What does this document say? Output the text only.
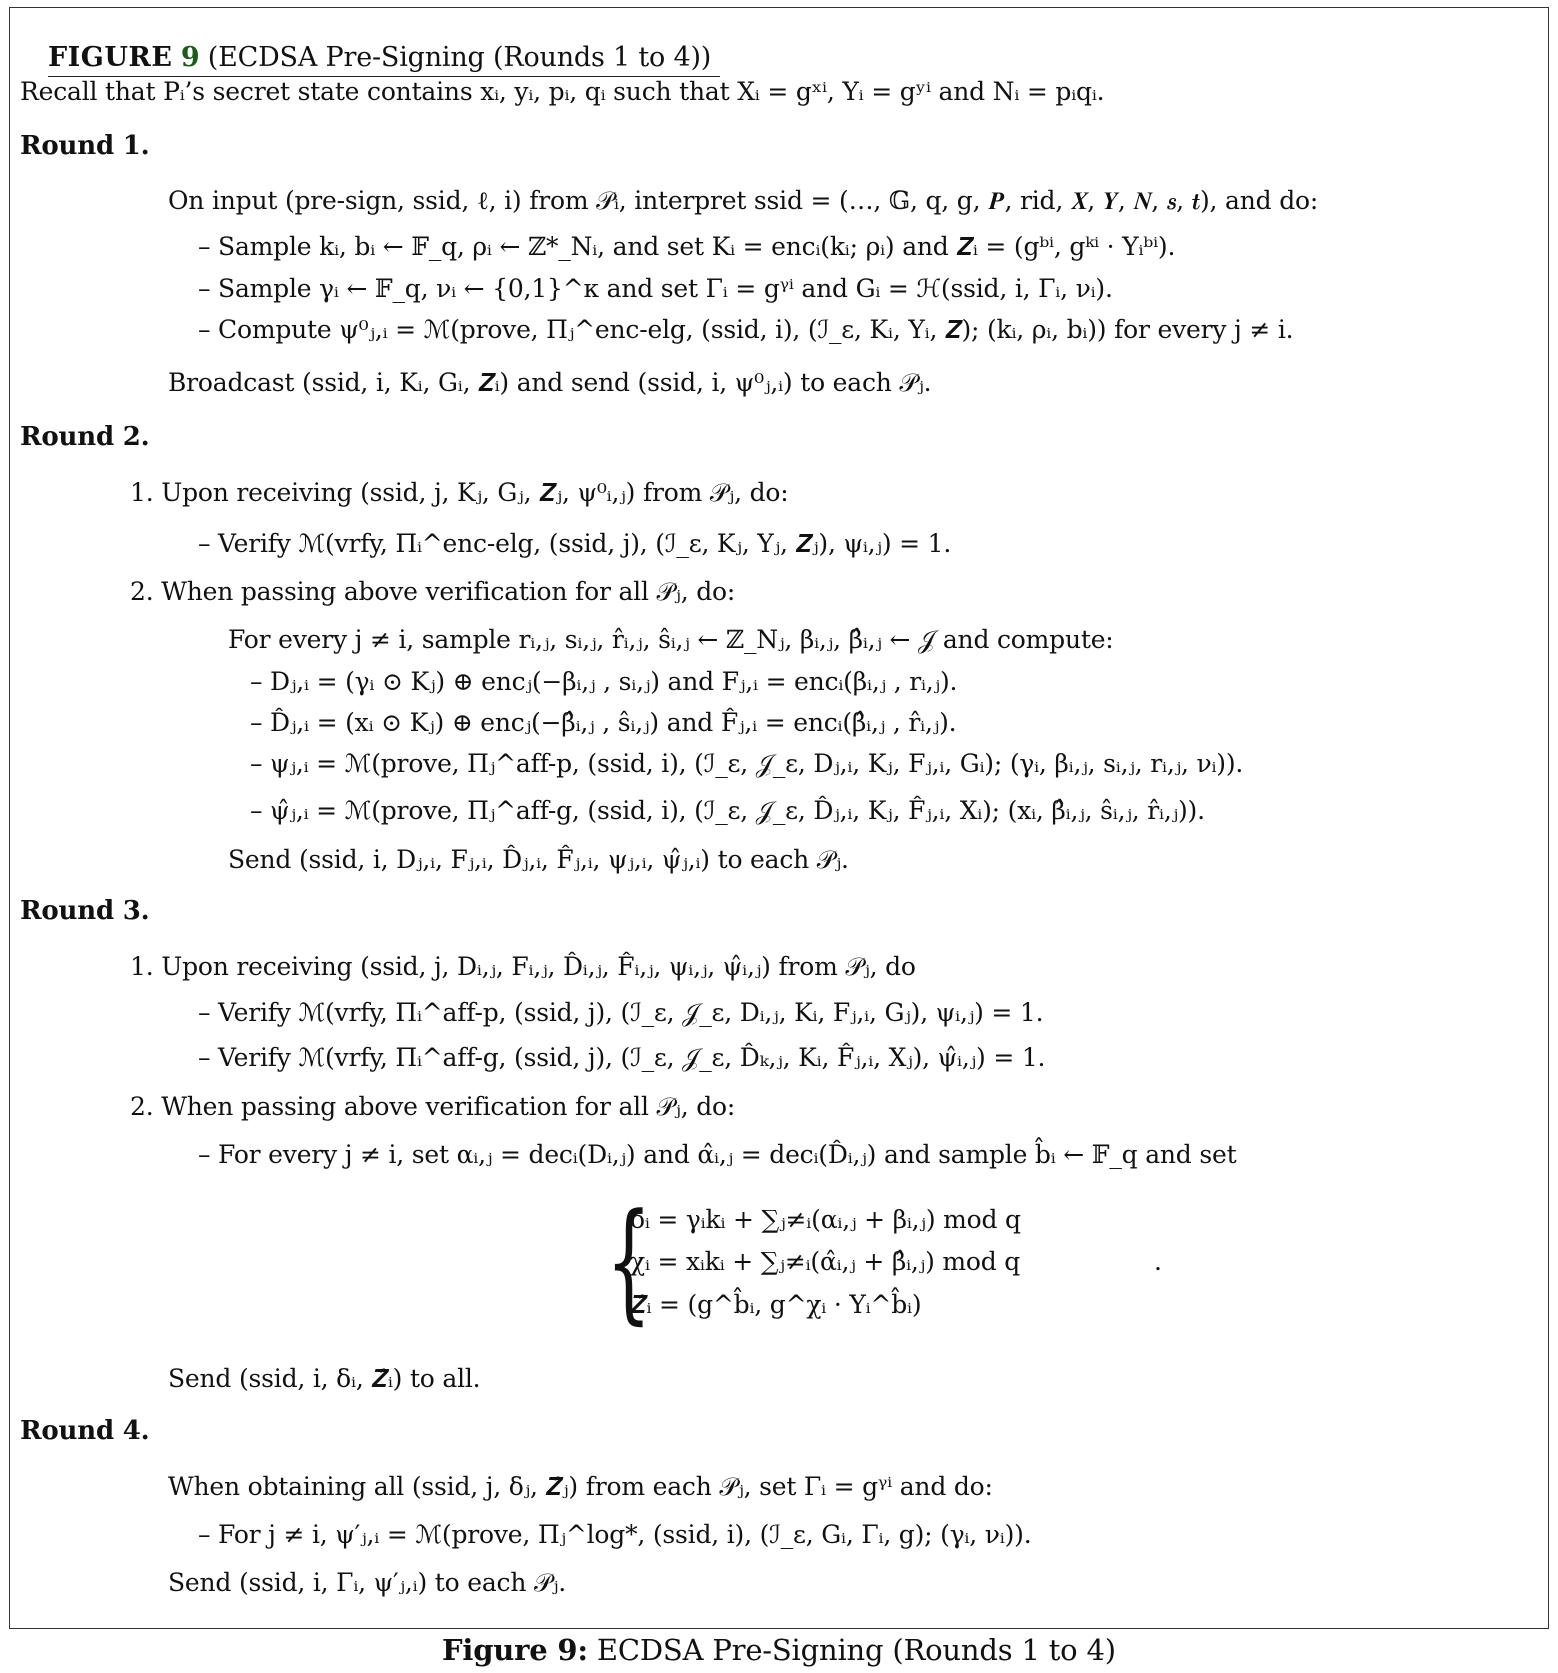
FIGURE 9 (ECDSA Pre-Signing (Rounds 1 to 4))
Recall that Pᵢ’s secret state contains xᵢ, yᵢ, pᵢ, qᵢ such that Xᵢ = gˣⁱ, Yᵢ = gʸⁱ and Nᵢ = pᵢqᵢ.
Round 1.
On input (pre-sign, ssid, ℓ, i) from 𝒫ᵢ, interpret ssid = (…, 𝔾, q, g, 𝑷, rid, 𝑿, 𝒀, 𝑵, 𝒔, 𝒕), and do:
– Sample kᵢ, bᵢ ← 𝔽_q, ρᵢ ← ℤ*_Nᵢ, and set Kᵢ = encᵢ(kᵢ; ρᵢ) and 𝒁ᵢ = (gᵇⁱ, gᵏⁱ · Yᵢᵇⁱ).
– Sample γᵢ ← 𝔽_q, νᵢ ← {0,1}^κ and set Γᵢ = gᵞⁱ and Gᵢ = ℋ(ssid, i, Γᵢ, νᵢ).
– Compute ψ⁰ⱼ,ᵢ = ℳ(prove, Πⱼ^enc-elg, (ssid, i), (ℐ_ε, Kᵢ, Yᵢ, 𝒁); (kᵢ, ρᵢ, bᵢ)) for every j ≠ i.
Broadcast (ssid, i, Kᵢ, Gᵢ, 𝒁ᵢ) and send (ssid, i, ψ⁰ⱼ,ᵢ) to each 𝒫ⱼ.
Round 2.
1. Upon receiving (ssid, j, Kⱼ, Gⱼ, 𝒁ⱼ, ψ⁰ᵢ,ⱼ) from 𝒫ⱼ, do:
– Verify ℳ(vrfy, Πᵢ^enc-elg, (ssid, j), (ℐ_ε, Kⱼ, Yⱼ, 𝒁ⱼ), ψᵢ,ⱼ) = 1.
2. When passing above verification for all 𝒫ⱼ, do:
For every j ≠ i, sample rᵢ,ⱼ, sᵢ,ⱼ, r̂ᵢ,ⱼ, ŝᵢ,ⱼ ← ℤ_Nⱼ, βᵢ,ⱼ, β̂ᵢ,ⱼ ← 𝒥 and compute:
– Dⱼ,ᵢ = (γᵢ ⊙ Kⱼ) ⊕ encⱼ(−βᵢ,ⱼ , sᵢ,ⱼ) and Fⱼ,ᵢ = encᵢ(βᵢ,ⱼ , rᵢ,ⱼ).
– D̂ⱼ,ᵢ = (xᵢ ⊙ Kⱼ) ⊕ encⱼ(−β̂ᵢ,ⱼ , ŝᵢ,ⱼ) and F̂ⱼ,ᵢ = encᵢ(β̂ᵢ,ⱼ , r̂ᵢ,ⱼ).
– ψⱼ,ᵢ = ℳ(prove, Πⱼ^aff-p, (ssid, i), (ℐ_ε, 𝒥_ε, Dⱼ,ᵢ, Kⱼ, Fⱼ,ᵢ, Gᵢ); (γᵢ, βᵢ,ⱼ, sᵢ,ⱼ, rᵢ,ⱼ, νᵢ)).
– ψ̂ⱼ,ᵢ = ℳ(prove, Πⱼ^aff-g, (ssid, i), (ℐ_ε, 𝒥_ε, D̂ⱼ,ᵢ, Kⱼ, F̂ⱼ,ᵢ, Xᵢ); (xᵢ, β̂ᵢ,ⱼ, ŝᵢ,ⱼ, r̂ᵢ,ⱼ)).
Send (ssid, i, Dⱼ,ᵢ, Fⱼ,ᵢ, D̂ⱼ,ᵢ, F̂ⱼ,ᵢ, ψⱼ,ᵢ, ψ̂ⱼ,ᵢ) to each 𝒫ⱼ.
Round 3.
1. Upon receiving (ssid, j, Dᵢ,ⱼ, Fᵢ,ⱼ, D̂ᵢ,ⱼ, F̂ᵢ,ⱼ, ψᵢ,ⱼ, ψ̂ᵢ,ⱼ) from 𝒫ⱼ, do
– Verify ℳ(vrfy, Πᵢ^aff-p, (ssid, j), (ℐ_ε, 𝒥_ε, Dᵢ,ⱼ, Kᵢ, Fⱼ,ᵢ, Gⱼ), ψᵢ,ⱼ) = 1.
– Verify ℳ(vrfy, Πᵢ^aff-g, (ssid, j), (ℐ_ε, 𝒥_ε, D̂ₖ,ⱼ, Kᵢ, F̂ⱼ,ᵢ, Xⱼ), ψ̂ᵢ,ⱼ) = 1.
2. When passing above verification for all 𝒫ⱼ, do:
– For every j ≠ i, set αᵢ,ⱼ = decᵢ(Dᵢ,ⱼ) and α̂ᵢ,ⱼ = decᵢ(D̂ᵢ,ⱼ) and sample b̂ᵢ ← 𝔽_q and set
{
δᵢ = γᵢkᵢ + ∑ⱼ≠ᵢ(αᵢ,ⱼ + βᵢ,ⱼ) mod q
χᵢ = xᵢkᵢ + ∑ⱼ≠ᵢ(α̂ᵢ,ⱼ + β̂ᵢ,ⱼ) mod q
𝒁̂ᵢ = (g^b̂ᵢ, g^χᵢ · Yᵢ^b̂ᵢ)
.
Send (ssid, i, δᵢ, 𝒁̂ᵢ) to all.
Round 4.
When obtaining all (ssid, j, δⱼ, 𝒁̂ⱼ) from each 𝒫ⱼ, set Γᵢ = gᵞⁱ and do:
– For j ≠ i, ψ′ⱼ,ᵢ = ℳ(prove, Πⱼ^log*, (ssid, i), (ℐ_ε, Gᵢ, Γᵢ, g); (γᵢ, νᵢ)).
Send (ssid, i, Γᵢ, ψ′ⱼ,ᵢ) to each 𝒫ⱼ.
Figure 9: ECDSA Pre-Signing (Rounds 1 to 4)
